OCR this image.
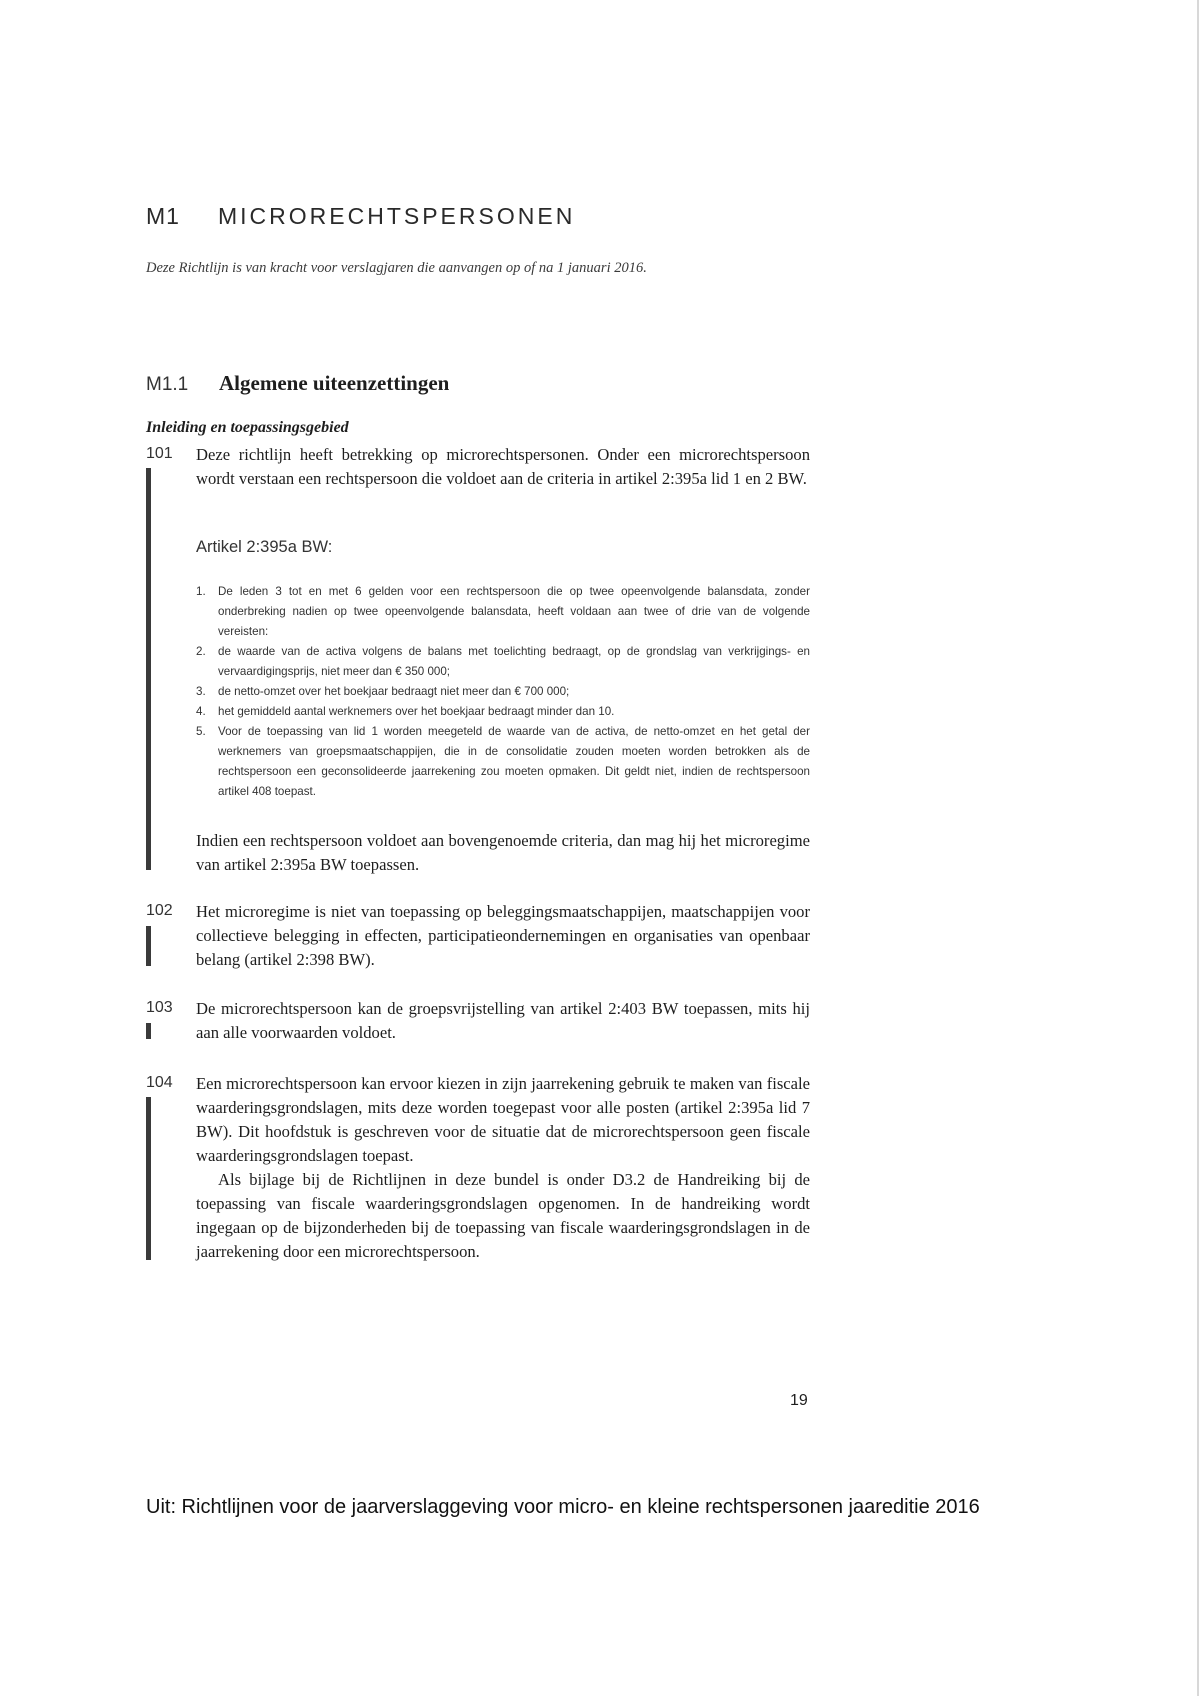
M1 MICRORECHTSPERSONEN
Deze Richtlijn is van kracht voor verslagjaren die aanvangen op of na 1 januari 2016.
M1.1 Algemene uiteenzettingen
Inleiding en toepassingsgebied
101 Deze richtlijn heeft betrekking op microrechtspersonen. Onder een microrechtspersoon wordt verstaan een rechtspersoon die voldoet aan de criteria in artikel 2:395a lid 1 en 2 BW.

Artikel 2:395a BW:
1. De leden 3 tot en met 6 gelden voor een rechtspersoon die op twee opeenvolgende balansdata, zonder onderbreking nadien op twee opeenvolgende balansdata, heeft voldaan aan twee of drie van de volgende vereisten:
2. de waarde van de activa volgens de balans met toelichting bedraagt, op de grondslag van verkrijgings- en vervaardigingsprijs, niet meer dan € 350 000;
3. de netto-omzet over het boekjaar bedraagt niet meer dan € 700 000;
4. het gemiddeld aantal werknemers over het boekjaar bedraagt minder dan 10.
5. Voor de toepassing van lid 1 worden meegeteld de waarde van de activa, de netto-omzet en het getal der werknemers van groepsmaatschappijen, die in de consolidatie zouden moeten worden betrokken als de rechtspersoon een geconsolideerde jaarrekening zou moeten opmaken. Dit geldt niet, indien de rechtspersoon artikel 408 toepast.

Indien een rechtspersoon voldoet aan bovengenoemde criteria, dan mag hij het microregime van artikel 2:395a BW toepassen.

102 Het microregime is niet van toepassing op beleggingsmaatschappijen, maatschappijen voor collectieve belegging in effecten, participatieondernemingen en organisaties van openbaar belang (artikel 2:398 BW).

103 De microrechtspersoon kan de groepsvrijstelling van artikel 2:403 BW toepassen, mits hij aan alle voorwaarden voldoet.

104 Een microrechtspersoon kan ervoor kiezen in zijn jaarrekening gebruik te maken van fiscale waarderingsgrondslagen, mits deze worden toegepast voor alle posten (artikel 2:395a lid 7 BW). Dit hoofdstuk is geschreven voor de situatie dat de microrechtspersoon geen fiscale waarderingsgrondslagen toepast.

Als bijlage bij de Richtlijnen in deze bundel is onder D3.2 de Handreiking bij de toepassing van fiscale waarderingsgrondslagen opgenomen. In de handreiking wordt ingegaan op de bijzonderheden bij de toepassing van fiscale waarderingsgrondslagen in de jaarrekening door een microrechtspersoon.

19
Uit: Richtlijnen voor de jaarverslaggeving voor micro- en kleine rechtspersonen jaareditie 2016
